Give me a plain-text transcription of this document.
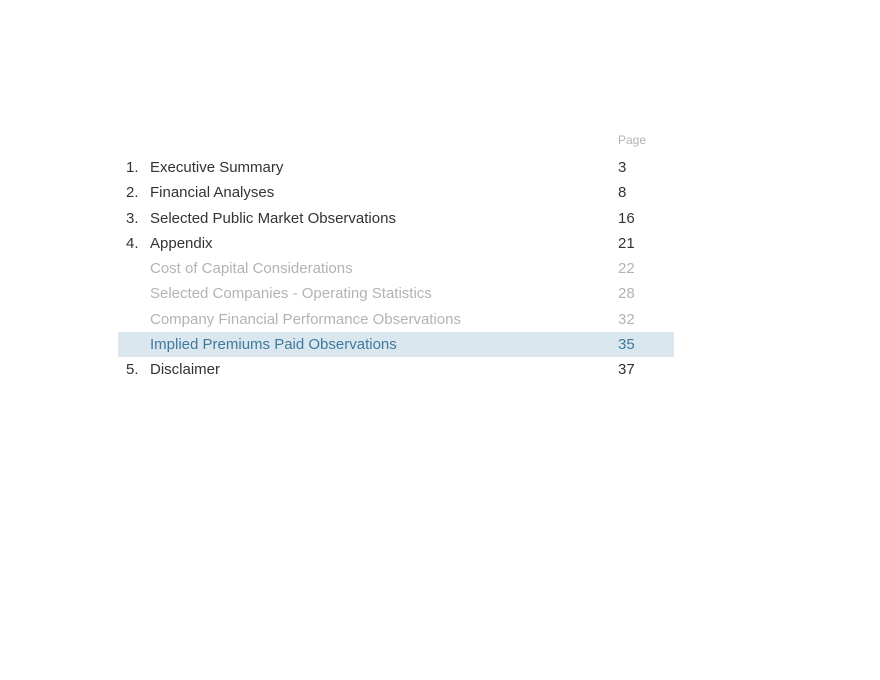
Page
1. Executive Summary	3
2. Financial Analyses	8
3. Selected Public Market Observations	16
4. Appendix	21
Cost of Capital Considerations	22
Selected Companies - Operating Statistics	28
Company Financial Performance Observations	32
Implied Premiums Paid Observations	35
5. Disclaimer	37
